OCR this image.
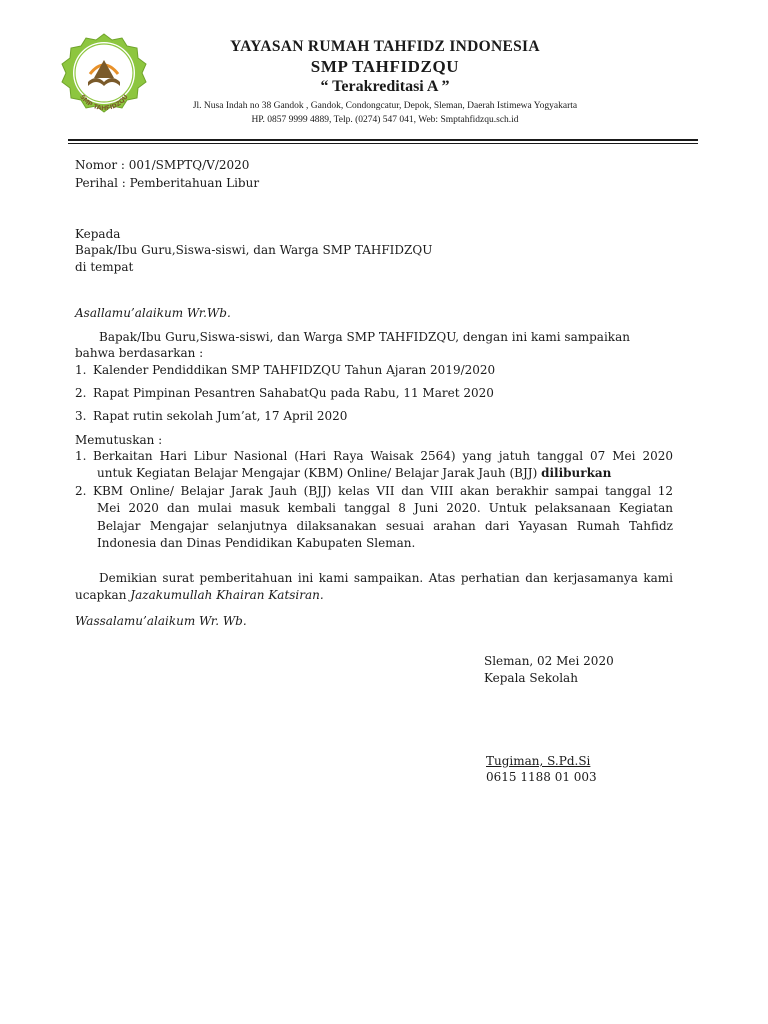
SMP TAHFIDZQU
YAYASAN RUMAH TAHFIDZ INDONESIA
SMP TAHFIDZQU
“ Terakreditasi A ”
Jl. Nusa Indah no 38 Gandok , Gandok, Condongcatur, Depok, Sleman, Daerah Istimewa Yogyakarta
HP. 0857 9999 4889, Telp. (0274) 547 041, Web: Smptahfidzqu.sch.id
Nomor : 001/SMPTQ/V/2020
Perihal : Pemberitahuan Libur
Kepada
Bapak/Ibu Guru,Siswa-siswi, dan Warga SMP TAHFIDZQU
di tempat
Asallamu’alaikum Wr.Wb.
Bapak/Ibu Guru,Siswa-siswi, dan Warga SMP TAHFIDZQU, dengan ini kami sampaikan
bahwa berdasarkan :
1. Kalender Pendiddikan SMP TAHFIDZQU Tahun Ajaran 2019/2020
2. Rapat Pimpinan Pesantren SahabatQu pada Rabu, 11 Maret 2020
3. Rapat rutin sekolah Jum’at, 17 April 2020
Memutuskan :
1. Berkaitan Hari Libur Nasional (Hari Raya Waisak 2564) yang jatuh tanggal 07 Mei 2020
untuk Kegiatan Belajar Mengajar (KBM) Online/ Belajar Jarak Jauh (BJJ) diliburkan
2. KBM Online/ Belajar Jarak Jauh (BJJ) kelas VII dan VIII akan berakhir sampai tanggal 12
Mei 2020 dan mulai masuk kembali tanggal 8 Juni 2020. Untuk pelaksanaan Kegiatan
Belajar Mengajar selanjutnya dilaksanakan sesuai arahan dari Yayasan Rumah Tahfidz
Indonesia dan Dinas Pendidikan Kabupaten Sleman.
Demikian surat pemberitahuan ini kami sampaikan. Atas perhatian dan kerjasamanya kami
ucapkan Jazakumullah Khairan Katsiran.
Wassalamu’alaikum Wr. Wb.
Sleman, 02 Mei 2020
Kepala Sekolah
Tugiman, S.Pd.Si
0615 1188 01 003
